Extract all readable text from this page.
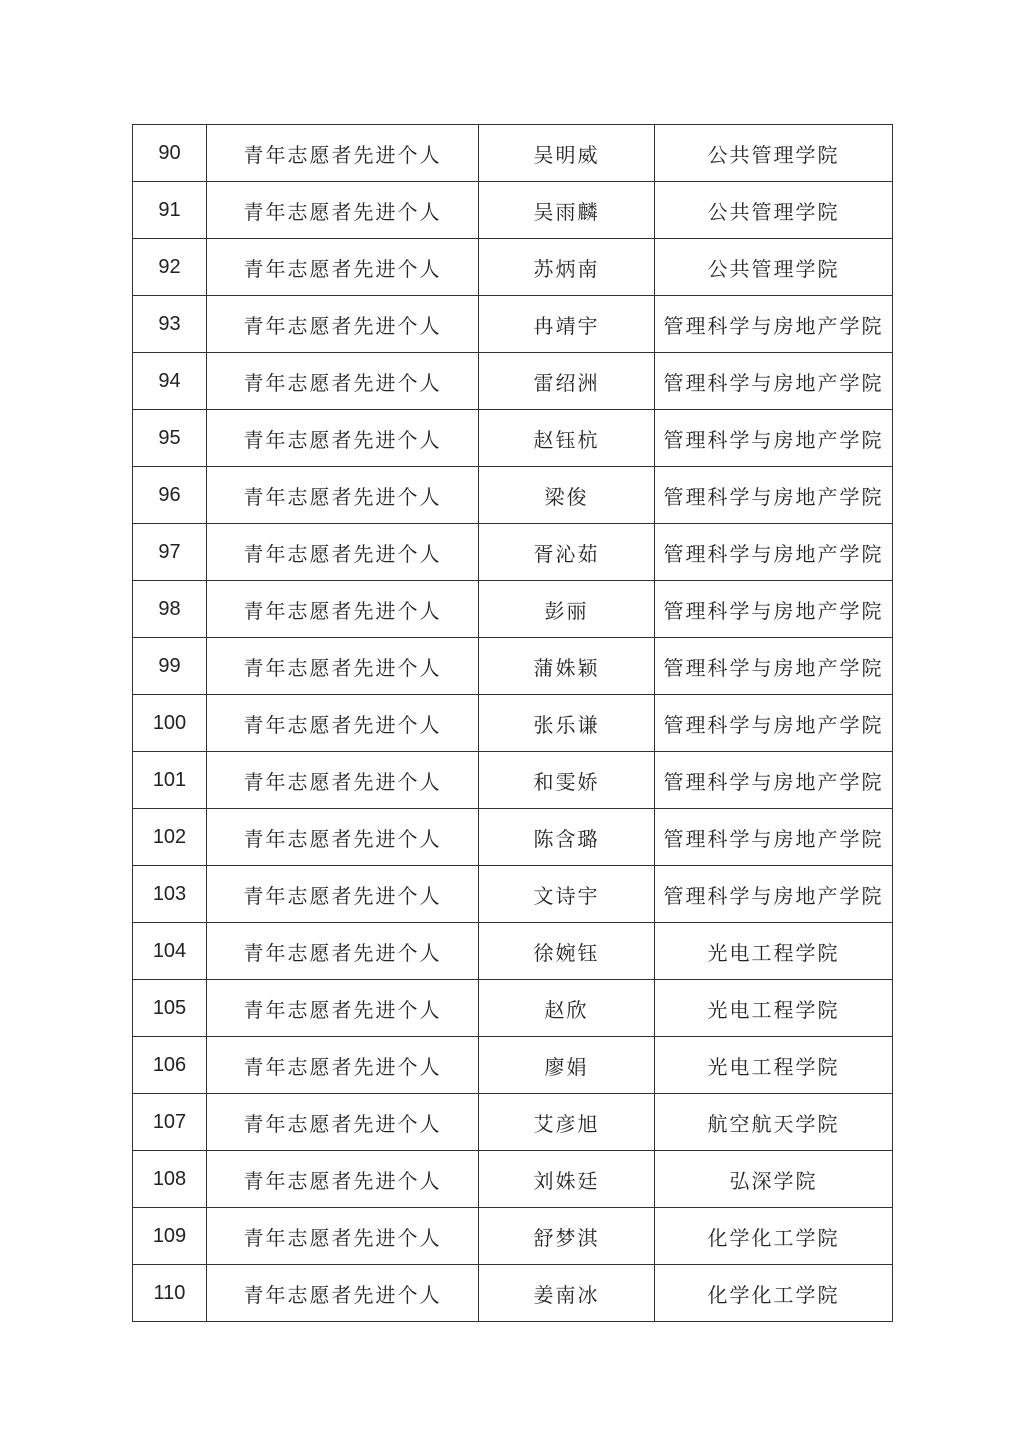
90	青年志愿者先进个人	吴明威	公共管理学院
91	青年志愿者先进个人	吴雨麟	公共管理学院
92	青年志愿者先进个人	苏炳南	公共管理学院
93	青年志愿者先进个人	冉靖宇	管理科学与房地产学院
94	青年志愿者先进个人	雷绍洲	管理科学与房地产学院
95	青年志愿者先进个人	赵钰杭	管理科学与房地产学院
96	青年志愿者先进个人	梁俊	管理科学与房地产学院
97	青年志愿者先进个人	胥沁茹	管理科学与房地产学院
98	青年志愿者先进个人	彭丽	管理科学与房地产学院
99	青年志愿者先进个人	蒲姝颖	管理科学与房地产学院
100	青年志愿者先进个人	张乐谦	管理科学与房地产学院
101	青年志愿者先进个人	和雯娇	管理科学与房地产学院
102	青年志愿者先进个人	陈含璐	管理科学与房地产学院
103	青年志愿者先进个人	文诗宇	管理科学与房地产学院
104	青年志愿者先进个人	徐婉钰	光电工程学院
105	青年志愿者先进个人	赵欣	光电工程学院
106	青年志愿者先进个人	廖娟	光电工程学院
107	青年志愿者先进个人	艾彦旭	航空航天学院
108	青年志愿者先进个人	刘姝廷	弘深学院
109	青年志愿者先进个人	舒梦淇	化学化工学院
110	青年志愿者先进个人	姜南冰	化学化工学院
